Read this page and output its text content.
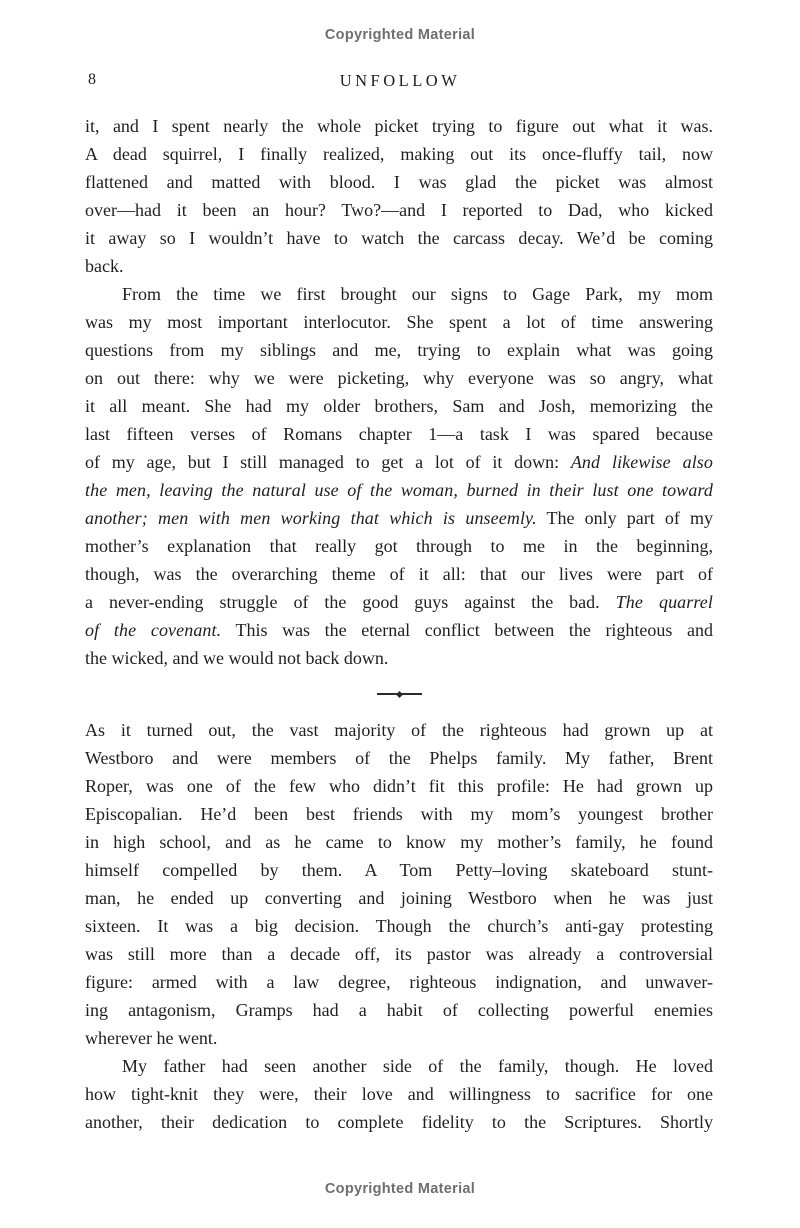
Copyrighted Material
8	UNFOLLOW
it, and I spent nearly the whole picket trying to figure out what it was.
A dead squirrel, I finally realized, making out its once-fluffy tail, now
flattened and matted with blood. I was glad the picket was almost
over—had it been an hour? Two?—and I reported to Dad, who kicked
it away so I wouldn’t have to watch the carcass decay. We’d be coming
back.
From the time we first brought our signs to Gage Park, my mom
was my most important interlocutor. She spent a lot of time answering
questions from my siblings and me, trying to explain what was going
on out there: why we were picketing, why everyone was so angry, what
it all meant. She had my older brothers, Sam and Josh, memorizing the
last fifteen verses of Romans chapter 1—a task I was spared because
of my age, but I still managed to get a lot of it down: And likewise also
the men, leaving the natural use of the woman, burned in their lust one toward
another; men with men working that which is unseemly. The only part of my
mother’s explanation that really got through to me in the beginning,
though, was the overarching theme of it all: that our lives were part of
a never-ending struggle of the good guys against the bad. The quarrel
of the covenant. This was the eternal conflict between the righteous and
the wicked, and we would not back down.
As it turned out, the vast majority of the righteous had grown up at
Westboro and were members of the Phelps family. My father, Brent
Roper, was one of the few who didn’t fit this profile: He had grown up
Episcopalian. He’d been best friends with my mom’s youngest brother
in high school, and as he came to know my mother’s family, he found
himself compelled by them. A Tom Petty–loving skateboard stunt-
man, he ended up converting and joining Westboro when he was just
sixteen. It was a big decision. Though the church’s anti-gay protesting
was still more than a decade off, its pastor was already a controversial
figure: armed with a law degree, righteous indignation, and unwaver-
ing antagonism, Gramps had a habit of collecting powerful enemies
wherever he went.
My father had seen another side of the family, though. He loved
how tight-knit they were, their love and willingness to sacrifice for one
another, their dedication to complete fidelity to the Scriptures. Shortly
Copyrighted Material
